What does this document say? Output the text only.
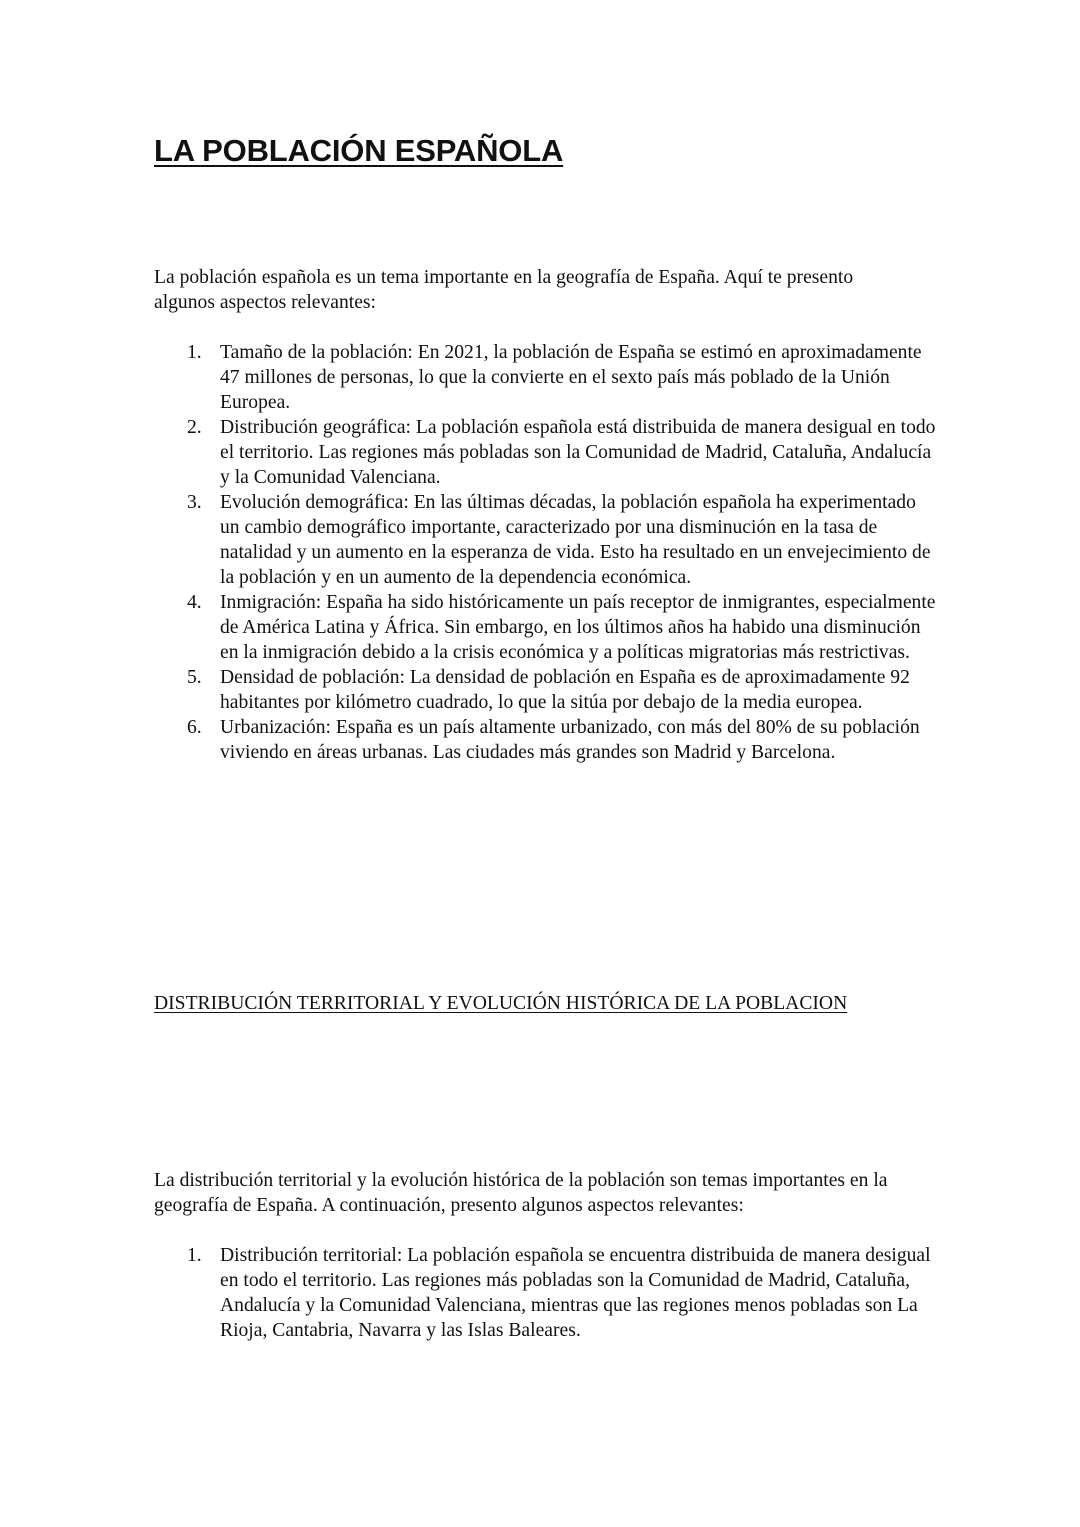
LA POBLACIÓN ESPAÑOLA

La población española es un tema importante en la geografía de España. Aquí te presento algunos aspectos relevantes:

1. Tamaño de la población: En 2021, la población de España se estimó en aproximadamente 47 millones de personas, lo que la convierte en el sexto país más poblado de la Unión Europea.
2. Distribución geográfica: La población española está distribuida de manera desigual en todo el territorio. Las regiones más pobladas son la Comunidad de Madrid, Cataluña, Andalucía y la Comunidad Valenciana.
3. Evolución demográfica: En las últimas décadas, la población española ha experimentado un cambio demográfico importante, caracterizado por una disminución en la tasa de natalidad y un aumento en la esperanza de vida. Esto ha resultado en un envejecimiento de la población y en un aumento de la dependencia económica.
4. Inmigración: España ha sido históricamente un país receptor de inmigrantes, especialmente de América Latina y África. Sin embargo, en los últimos años ha habido una disminución en la inmigración debido a la crisis económica y a políticas migratorias más restrictivas.
5. Densidad de población: La densidad de población en España es de aproximadamente 92 habitantes por kilómetro cuadrado, lo que la sitúa por debajo de la media europea.
6. Urbanización: España es un país altamente urbanizado, con más del 80% de su población viviendo en áreas urbanas. Las ciudades más grandes son Madrid y Barcelona.
DISTRIBUCIÓN TERRITORIAL Y EVOLUCIÓN HISTÓRICA DE LA POBLACION

La distribución territorial y la evolución histórica de la población son temas importantes en la geografía de España. A continuación, presento algunos aspectos relevantes:

1. Distribución territorial: La población española se encuentra distribuida de manera desigual en todo el territorio. Las regiones más pobladas son la Comunidad de Madrid, Cataluña, Andalucía y la Comunidad Valenciana, mientras que las regiones menos pobladas son La Rioja, Cantabria, Navarra y las Islas Baleares.
